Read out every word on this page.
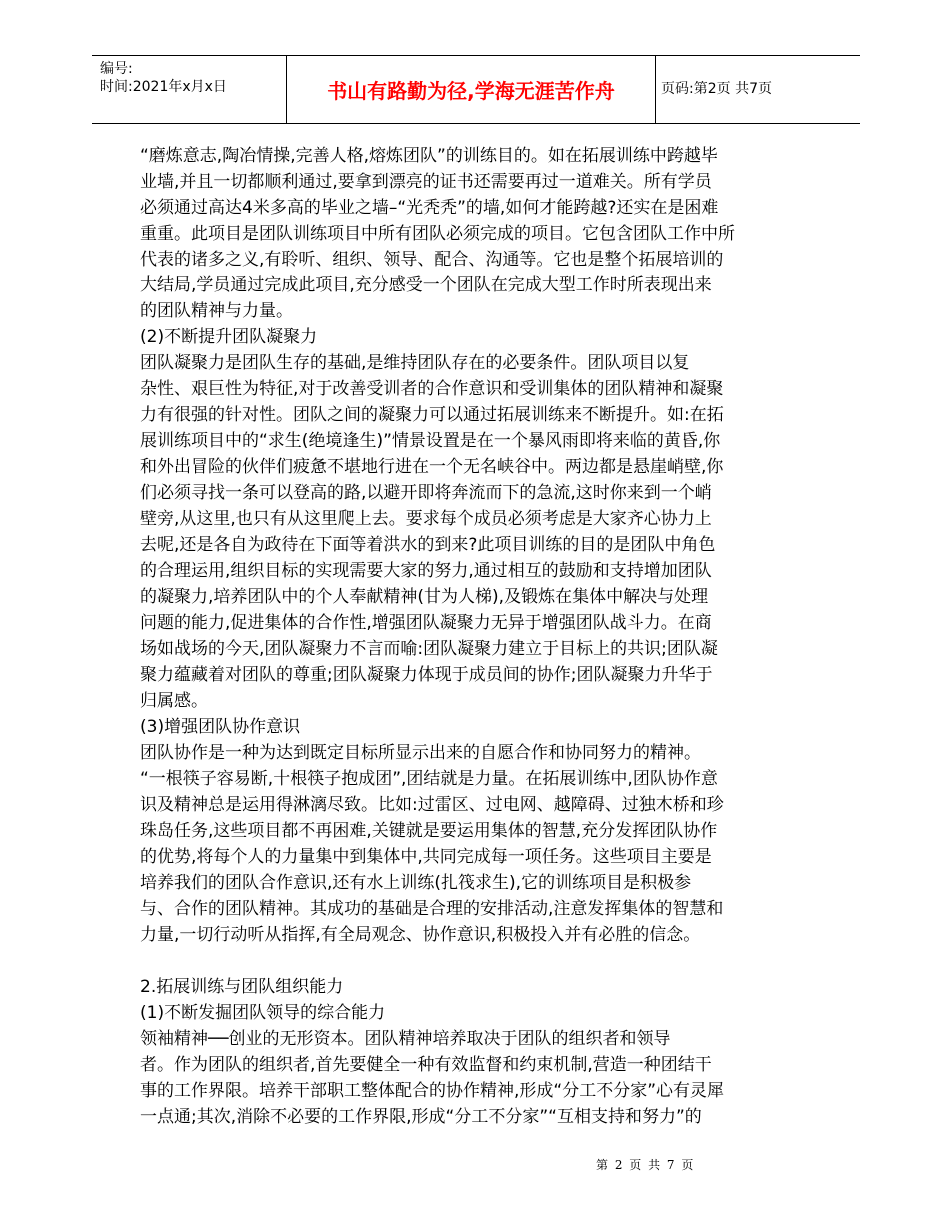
编号:
时间:2021年x月x日	书山有路勤为径,学海无涯苦作舟	页码:第2页 共7页
“磨炼意志,陶冶情操,完善人格,熔炼团队”的训练目的。如在拓展训练中跨越毕
业墙,并且一切都顺利通过,要拿到漂亮的证书还需要再过一道难关。所有学员
必须通过高达4米多高的毕业之墙–“光秃秃”的墙,如何才能跨越?还实在是困难
重重。此项目是团队训练项目中所有团队必须完成的项目。它包含团队工作中所
代表的诸多之义,有聆听、组织、领导、配合、沟通等。它也是整个拓展培训的
大结局,学员通过完成此项目,充分感受一个团队在完成大型工作时所表现出来
的团队精神与力量。
(2)不断提升团队凝聚力
团队凝聚力是团队生存的基础,是维持团队存在的必要条件。团队项目以复
杂性、艰巨性为特征,对于改善受训者的合作意识和受训集体的团队精神和凝聚
力有很强的针对性。团队之间的凝聚力可以通过拓展训练来不断提升。如:在拓
展训练项目中的“求生(绝境逢生)”情景设置是在一个暴风雨即将来临的黄昏,你
和外出冒险的伙伴们疲惫不堪地行进在一个无名峡谷中。两边都是悬崖峭壁,你
们必须寻找一条可以登高的路,以避开即将奔流而下的急流,这时你来到一个峭
壁旁,从这里,也只有从这里爬上去。要求每个成员必须考虑是大家齐心协力上
去呢,还是各自为政待在下面等着洪水的到来?此项目训练的目的是团队中角色
的合理运用,组织目标的实现需要大家的努力,通过相互的鼓励和支持增加团队
的凝聚力,培养团队中的个人奉献精神(甘为人梯),及锻炼在集体中解决与处理
问题的能力,促进集体的合作性,增强团队凝聚力无异于增强团队战斗力。在商
场如战场的今天,团队凝聚力不言而喻:团队凝聚力建立于目标上的共识;团队凝
聚力蕴藏着对团队的尊重;团队凝聚力体现于成员间的协作;团队凝聚力升华于
归属感。
(3)增强团队协作意识
团队协作是一种为达到既定目标所显示出来的自愿合作和协同努力的精神。
“一根筷子容易断,十根筷子抱成团”,团结就是力量。在拓展训练中,团队协作意
识及精神总是运用得淋漓尽致。比如:过雷区、过电网、越障碍、过独木桥和珍
珠岛任务,这些项目都不再困难,关键就是要运用集体的智慧,充分发挥团队协作
的优势,将每个人的力量集中到集体中,共同完成每一项任务。这些项目主要是
培养我们的团队合作意识,还有水上训练(扎筏求生),它的训练项目是积极参
与、合作的团队精神。其成功的基础是合理的安排活动,注意发挥集体的智慧和
力量,一切行动听从指挥,有全局观念、协作意识,积极投入并有必胜的信念。
2.拓展训练与团队组织能力
(1)不断发掘团队领导的综合能力
领袖精神──创业的无形资本。团队精神培养取决于团队的组织者和领导
者。作为团队的组织者,首先要健全一种有效监督和约束机制,营造一种团结干
事的工作界限。培养干部职工整体配合的协作精神,形成“分工不分家”心有灵犀
一点通;其次,消除不必要的工作界限,形成“分工不分家”“互相支持和努力”的
第 2 页 共 7 页
